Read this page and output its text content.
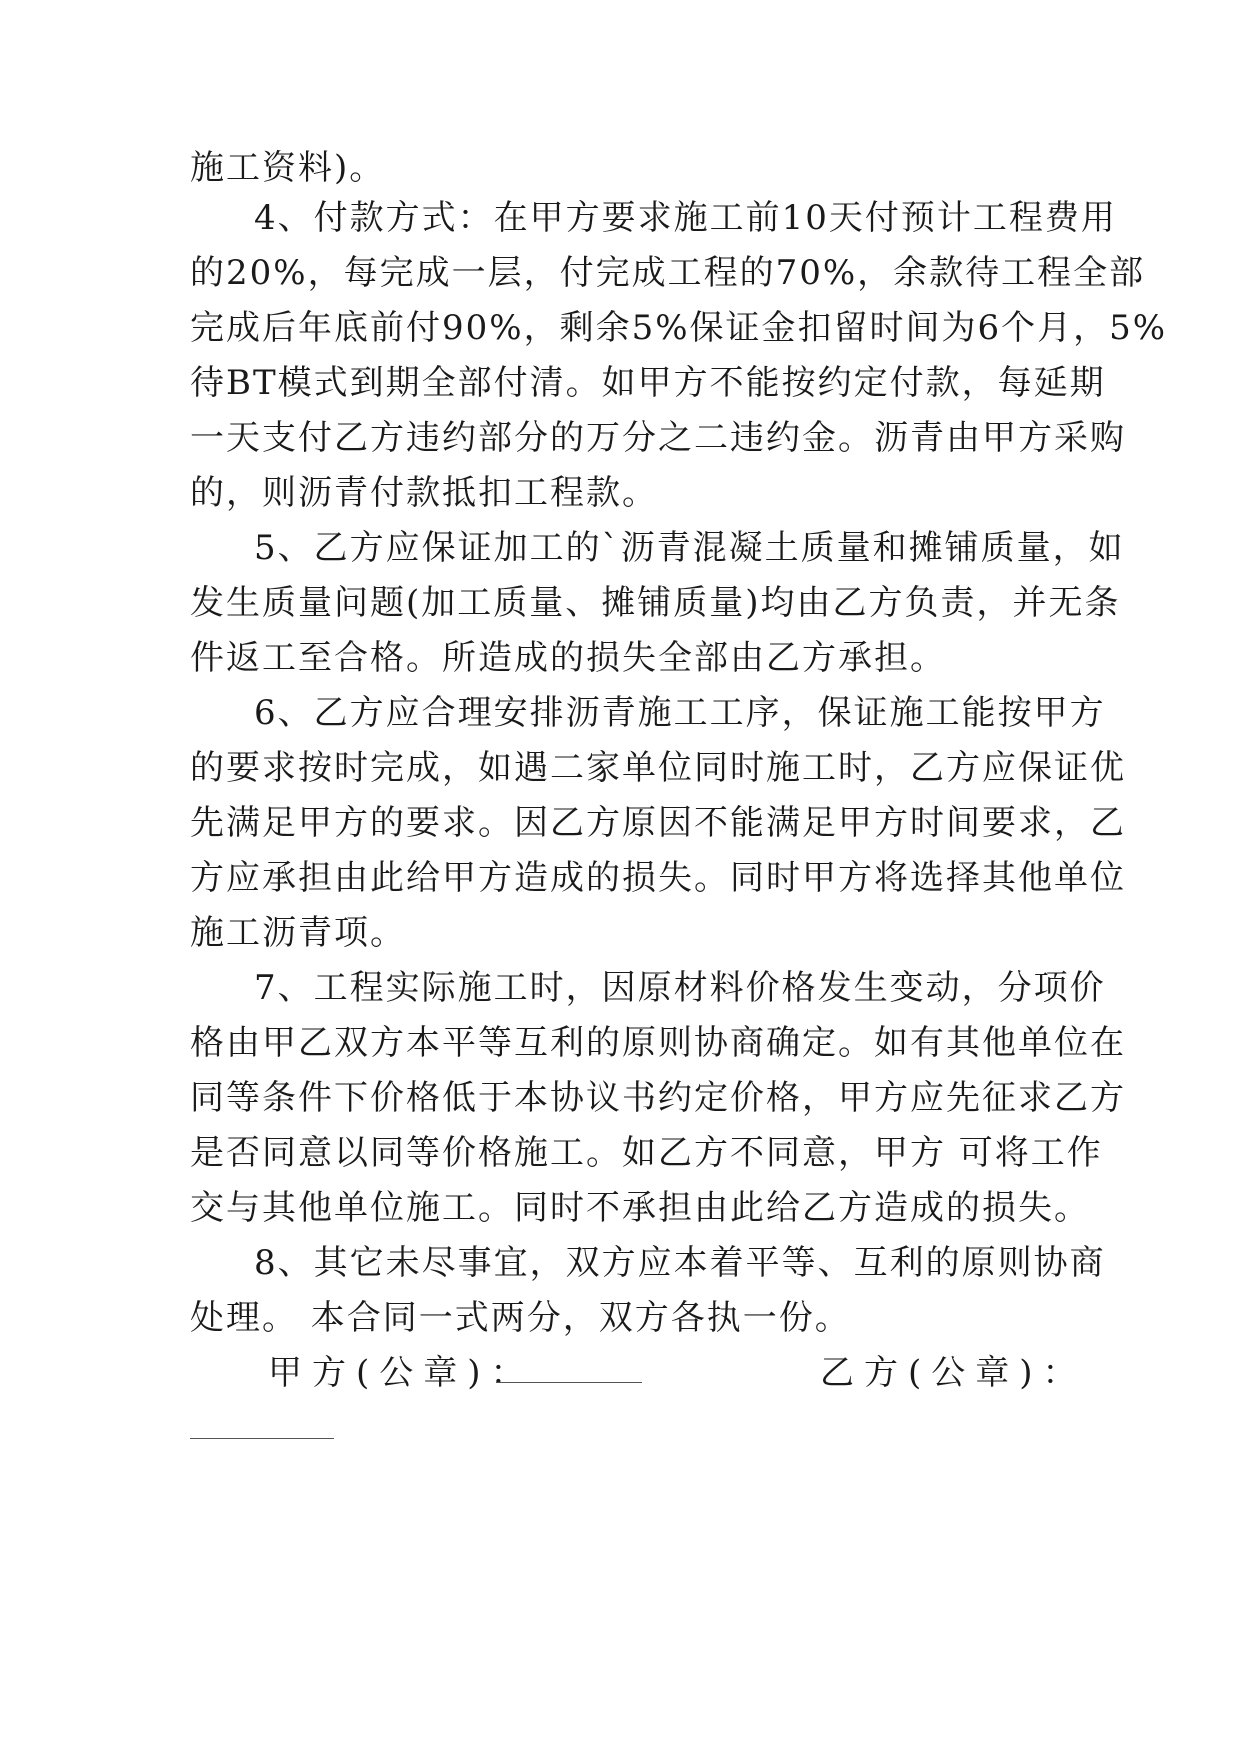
施工资料)。
4、付款方式：在甲方要求施工前10天付预计工程费用
的20%，每完成一层，付完成工程的70%，余款待工程全部
完成后年底前付90%，剩余5%保证金扣留时间为6个月，5%
待BT模式到期全部付清。如甲方不能按约定付款，每延期
一天支付乙方违约部分的万分之二违约金。沥青由甲方采购
的，则沥青付款抵扣工程款。
5、乙方应保证加工的`沥青混凝土质量和摊铺质量，如
发生质量问题(加工质量、摊铺质量)均由乙方负责，并无条
件返工至合格。所造成的损失全部由乙方承担。
6、乙方应合理安排沥青施工工序，保证施工能按甲方
的要求按时完成，如遇二家单位同时施工时，乙方应保证优
先满足甲方的要求。因乙方原因不能满足甲方时间要求，乙
方应承担由此给甲方造成的损失。同时甲方将选择其他单位
施工沥青项。
7、工程实际施工时，因原材料价格发生变动，分项价
格由甲乙双方本平等互利的原则协商确定。如有其他单位在
同等条件下价格低于本协议书约定价格，甲方应先征求乙方
是否同意以同等价格施工。如乙方不同意，甲方 可将工作
交与其他单位施工。同时不承担由此给乙方造成的损失。
8、其它未尽事宜，双方应本着平等、互利的原则协商
处理。 本合同一式两分，双方各执一份。
甲方(公章)：	乙方(公章)：
